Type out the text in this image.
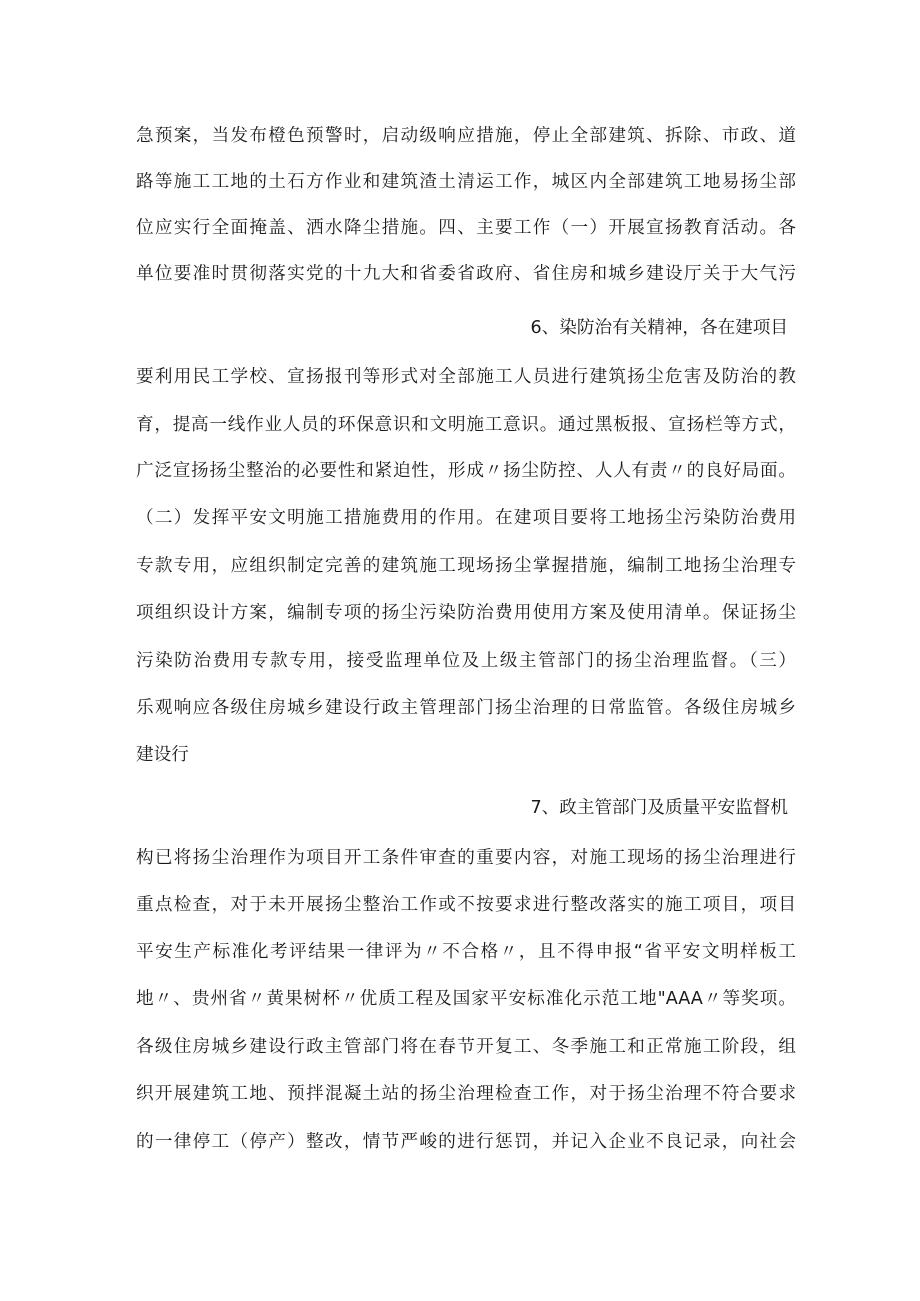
急预案，当发布橙色预警时，启动级响应措施，停止全部建筑、拆除、市政、道
路等施工工地的土石方作业和建筑渣土清运工作，城区内全部建筑工地易扬尘部
位应实行全面掩盖、洒水降尘措施。四、主要工作（一）开展宣扬教育活动。各
单位要准时贯彻落实党的十九大和省委省政府、省住房和城乡建设厅关于大气污
6、染防治有关精神，各在建项目
要利用民工学校、宣扬报刊等形式对全部施工人员进行建筑扬尘危害及防治的教
育，提高一线作业人员的环保意识和文明施工意识。通过黑板报、宣扬栏等方式，
广泛宣扬扬尘整治的必要性和紧迫性，形成〃扬尘防控、人人有责〃的良好局面。
（二）发挥平安文明施工措施费用的作用。在建项目要将工地扬尘污染防治费用
专款专用，应组织制定完善的建筑施工现场扬尘掌握措施，编制工地扬尘治理专
项组织设计方案，编制专项的扬尘污染防治费用使用方案及使用清单。保证扬尘
污染防治费用专款专用，接受监理单位及上级主管部门的扬尘治理监督。（三）
乐观响应各级住房城乡建设行政主管理部门扬尘治理的日常监管。各级住房城乡
建设行
7、政主管部门及质量平安监督机
构已将扬尘治理作为项目开工条件审查的重要内容，对施工现场的扬尘治理进行
重点检查，对于未开展扬尘整治工作或不按要求进行整改落实的施工项目，项目
平安生产标准化考评结果一律评为〃不合格〃，且不得申报“省平安文明样板工
地〃、贵州省〃黄果树杯〃优质工程及国家平安标准化示范工地"AAA〃等奖项。
各级住房城乡建设行政主管部门将在春节开复工、冬季施工和正常施工阶段，组
织开展建筑工地、预拌混凝土站的扬尘治理检查工作，对于扬尘治理不符合要求
的一律停工（停产）整改，情节严峻的进行惩罚，并记入企业不良记录，向社会
